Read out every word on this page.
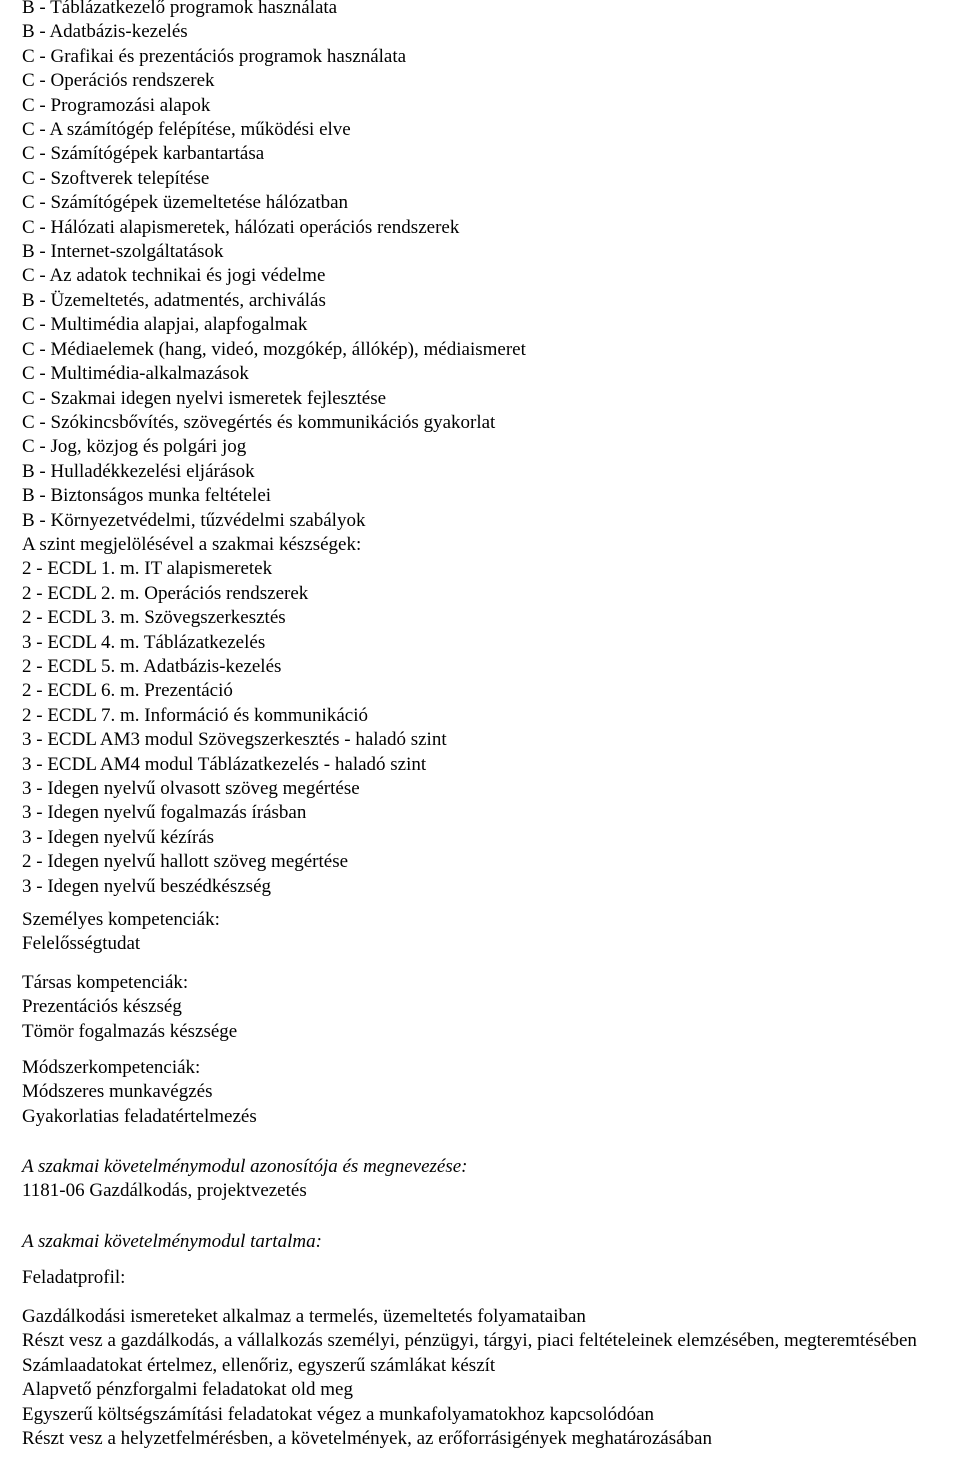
B - Táblázatkezelő programok használata
B - Adatbázis-kezelés
C - Grafikai és prezentációs programok használata
C - Operációs rendszerek
C - Programozási alapok
C - A számítógép felépítése, működési elve
C - Számítógépek karbantartása
C - Szoftverek telepítése
C - Számítógépek üzemeltetése hálózatban
C - Hálózati alapismeretek, hálózati operációs rendszerek
B - Internet-szolgáltatások
C - Az adatok technikai és jogi védelme
B - Üzemeltetés, adatmentés, archiválás
C - Multimédia alapjai, alapfogalmak
C - Médiaelemek (hang, videó, mozgókép, állókép), médiaismeret
C - Multimédia-alkalmazások
C - Szakmai idegen nyelvi ismeretek fejlesztése
C - Szókincsbővítés, szövegértés és kommunikációs gyakorlat
C - Jog, közjog és polgári jog
B - Hulladékkezelési eljárások
B - Biztonságos munka feltételei
B - Környezetvédelmi, tűzvédelmi szabályok
A szint megjelölésével a szakmai készségek:
2 - ECDL 1. m. IT alapismeretek
2 - ECDL 2. m. Operációs rendszerek
2 - ECDL 3. m. Szövegszerkesztés
3 - ECDL 4. m. Táblázatkezelés
2 - ECDL 5. m. Adatbázis-kezelés
2 - ECDL 6. m. Prezentáció
2 - ECDL 7. m. Információ és kommunikáció
3 - ECDL AM3 modul Szövegszerkesztés - haladó szint
3 - ECDL AM4 modul Táblázatkezelés - haladó szint
3 - Idegen nyelvű olvasott szöveg megértése
3 - Idegen nyelvű fogalmazás írásban
3 - Idegen nyelvű kézírás
2 - Idegen nyelvű hallott szöveg megértése
3 - Idegen nyelvű beszédkészség
Személyes kompetenciák:
Felelősségtudat
Társas kompetenciák:
Prezentációs készség
Tömör fogalmazás készsége
Módszerkompetenciák:
Módszeres munkavégzés
Gyakorlatias feladatértelmezés
A szakmai követelménymodul azonosítója és megnevezése:
1181-06 Gazdálkodás, projektvezetés
A szakmai követelménymodul tartalma:
Feladatprofil:
Gazdálkodási ismereteket alkalmaz a termelés, üzemeltetés folyamataiban
Részt vesz a gazdálkodás, a vállalkozás személyi, pénzügyi, tárgyi, piaci feltételeinek elemzésében, megteremtésében
Számlaadatokat értelmez, ellenőriz, egyszerű számlákat készít
Alapvető pénzforgalmi feladatokat old meg
Egyszerű költségszámítási feladatokat végez a munkafolyamatokhoz kapcsolódóan
Részt vesz a helyzetfelmérésben, a követelmények, az erőforrásigények meghatározásában
